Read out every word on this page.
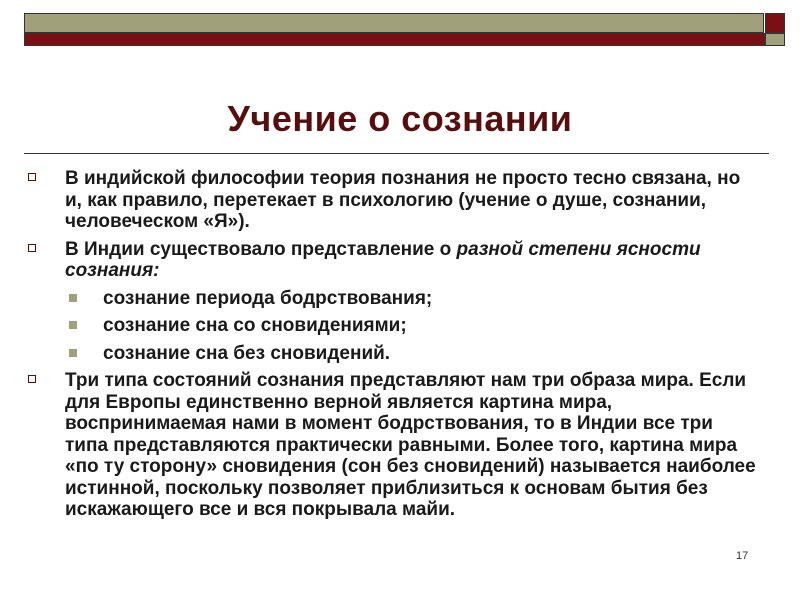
Учение о сознании
В индийской философии теория познания не просто тесно связана, но и, как правило, перетекает в психологию (учение о душе, сознании, человеческом «Я»).
В Индии существовало представление о разной степени ясности сознания:
сознание периода бодрствования;
сознание сна со сновидениями;
сознание сна без сновидений.
Три типа состояний сознания представляют нам три образа мира. Если для Европы единственно верной является картина мира, воспринимаемая нами в момент бодрствования, то в Индии все три типа представляются практически равными. Более того, картина мира «по ту сторону» сновидения (сон без сновидений) называется наиболее истинной, поскольку позволяет приблизиться к основам бытия без искажающего все и вся покрывала майи.
17
